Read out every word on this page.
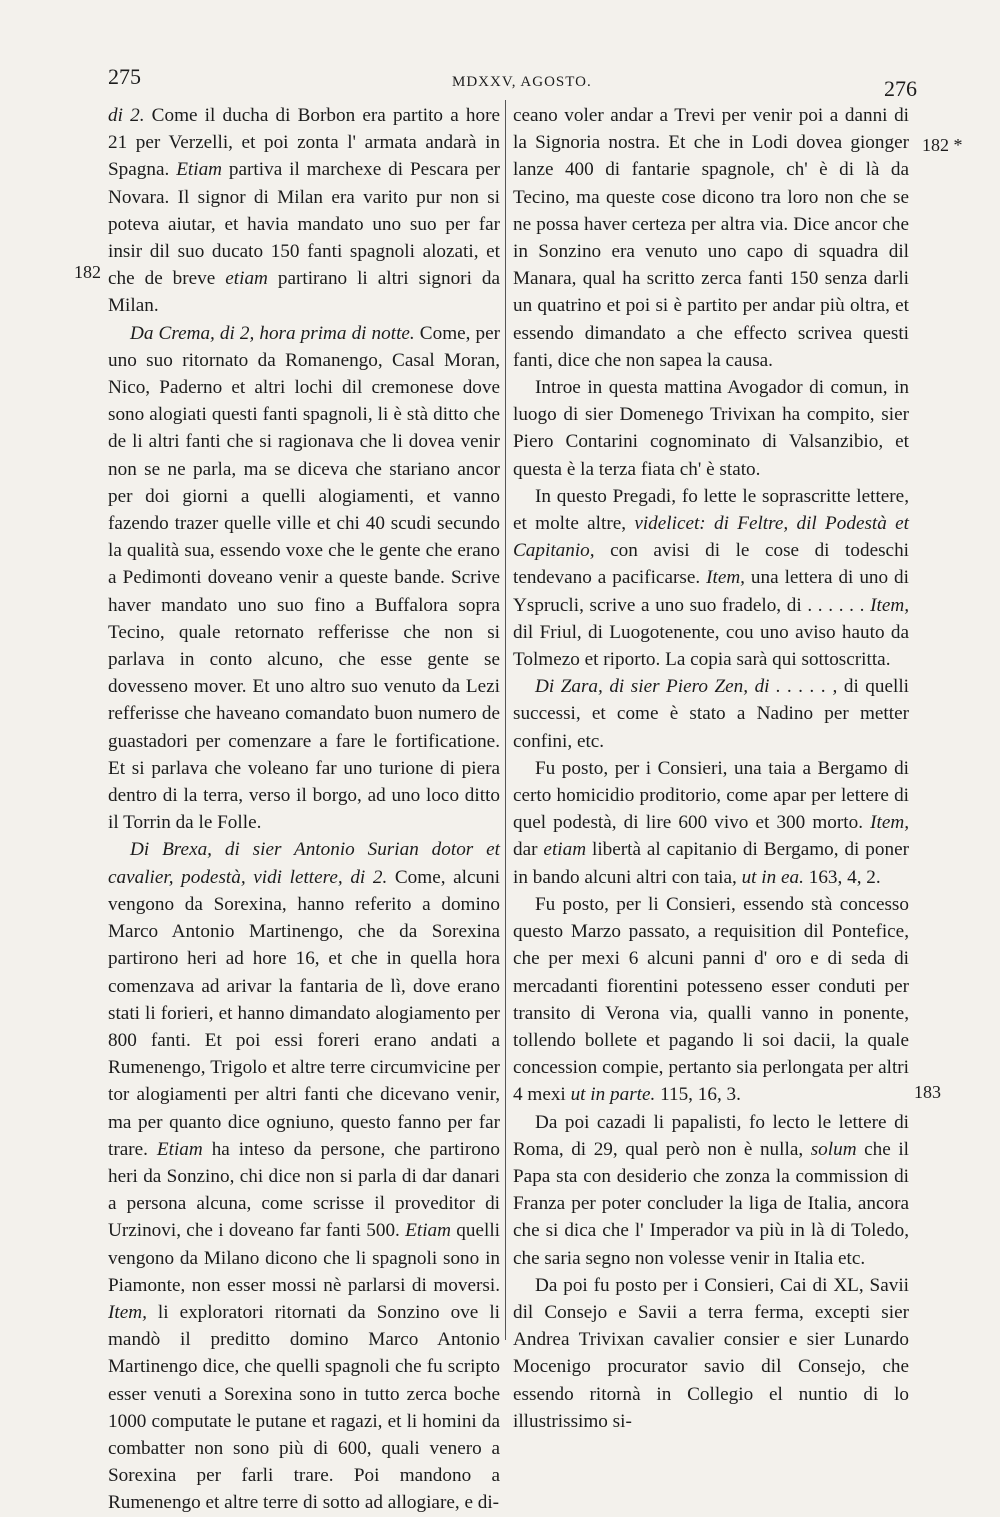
275	MDXXV, AGOSTO.	276
182
182 *
183

di 2. Come il ducha di Borbon era partito a hore 21 per Verzelli, et poi zonta l' armata andarà in Spagna. Etiam partiva il marchexe di Pescara per Novara. Il signor di Milan era varito pur non si poteva aiutar, et havia mandato uno suo per far insir dil suo ducato 150 fanti spagnoli alozati, et che de breve etiam partirano li altri signori da Milan.

Da Crema, di 2, hora prima di notte. Come, per uno suo ritornato da Romanengo, Casal Moran, Nico, Paderno et altri lochi dil cremonese dove sono alogiati questi fanti spagnoli, li è stà ditto che de li altri fanti che si ragionava che li dovea venir non se ne parla, ma se diceva che stariano ancor per doi giorni a quelli alogiamenti, et vanno fazendo trazer quelle ville et chi 40 scudi secundo la qualità sua, essendo voxe che le gente che erano a Pedimonti doveano venir a queste bande. Scrive haver mandato uno suo fino a Buffalora sopra Tecino, quale retornato refferisse che non si parlava in conto alcuno, che esse gente se dovesseno mover. Et uno altro suo venuto da Lezi refferisse che haveano comandato buon numero de guastadori per comenzare a fare le fortificatione. Et si parlava che voleano far uno turione di piera dentro di la terra, verso il borgo, ad uno loco ditto il Torrin da le Folle.

Di Brexa, di sier Antonio Surian dotor et cavalier, podestà, vidi lettere, di 2. Come, alcuni vengono da Sorexina, hanno referito a domino Marco Antonio Martinengo, che da Sorexina partirono heri ad hore 16, et che in quella hora comenzava ad arivar la fantaria de lì, dove erano stati li forieri, et hanno dimandato alogiamento per 800 fanti. Et poi essi foreri erano andati a Rumenengo, Trigolo et altre terre circumvicine per tor alogiamenti per altri fanti che dicevano venir, ma per quanto dice ogniuno, questo fanno per far trare. Etiam ha inteso da persone, che partirono heri da Sonzino, chi dice non si parla di dar danari a persona alcuna, come scrisse il proveditor di Urzinovi, che i doveano far fanti 500. Etiam quelli vengono da Milano dicono che li spagnoli sono in Piamonte, non esser mossi nè parlarsi di moversi. Item, li exploratori ritornati da Sonzino ove li mandò il preditto domino Marco Antonio Martinengo dice, che quelli spagnoli che fu scripto esser venuti a Sorexina sono in tutto zerca boche 1000 computate le putane et ragazi, et li homini da combatter non sono più di 600, quali venero a Sorexina per farli trare. Poi mandono a Rumenengo et altre terre di sotto ad allogiare, e di-

ceano voler andar a Trevi per venir poi a danni di la Signoria nostra. Et che in Lodi dovea gionger lanze 400 di fantarie spagnole, ch' è di là da Tecino, ma queste cose dicono tra loro non che se ne possa haver certeza per altra via. Dice ancor che in Sonzino era venuto uno capo di squadra dil Manara, qual ha scritto zerca fanti 150 senza darli un quatrino et poi si è partito per andar più oltra, et essendo dimandato a che effecto scrivea questi fanti, dice che non sapea la causa.

Introe in questa mattina Avogador di comun, in luogo di sier Domenego Trivixan ha compito, sier Piero Contarini cognominato di Valsanzibio, et questa è la terza fiata ch' è stato.

In questo Pregadi, fo lette le soprascritte lettere, et molte altre, videlicet: di Feltre, dil Podestà et Capitanio, con avisi di le cose di todeschi tendevano a pacificarse. Item, una lettera di uno di Ysprucli, scrive a uno suo fradelo, di . . . . . . Item, dil Friul, di Luogotenente, cou uno aviso hauto da Tolmezo et riporto. La copia sarà qui sottoscritta.

Di Zara, di sier Piero Zen, di . . . . . , di quelli successi, et come è stato a Nadino per metter confini, etc.

Fu posto, per i Consieri, una taia a Bergamo di certo homicidio proditorio, come apar per lettere di quel podestà, di lire 600 vivo et 300 morto. Item, dar etiam libertà al capitanio di Bergamo, di poner in bando alcuni altri con taia, ut in ea. 163, 4, 2.

Fu posto, per li Consieri, essendo stà concesso questo Marzo passato, a requisition dil Pontefice, che per mexi 6 alcuni panni d' oro e di seda di mercadanti fiorentini potesseno esser conduti per transito di Verona via, qualli vanno in ponente, tollendo bollete et pagando li soi dacii, la quale concession compie, pertanto sia perlongata per altri 4 mexi ut in parte. 115, 16, 3.

Da poi cazadi li papalisti, fo lecto le lettere di Roma, di 29, qual però non è nulla, solum che il Papa sta con desiderio che zonza la commission di Franza per poter concluder la liga de Italia, ancora che si dica che l' Imperador va più in là di Toledo, che saria segno non volesse venir in Italia etc.

Da poi fu posto per i Consieri, Cai di XL, Savii dil Consejo e Savii a terra ferma, excepti sier Andrea Trivixan cavalier consier e sier Lunardo Mocenigo procurator savio dil Consejo, che essendo ritornà in Collegio el nuntio di lo illustrissimo si-
